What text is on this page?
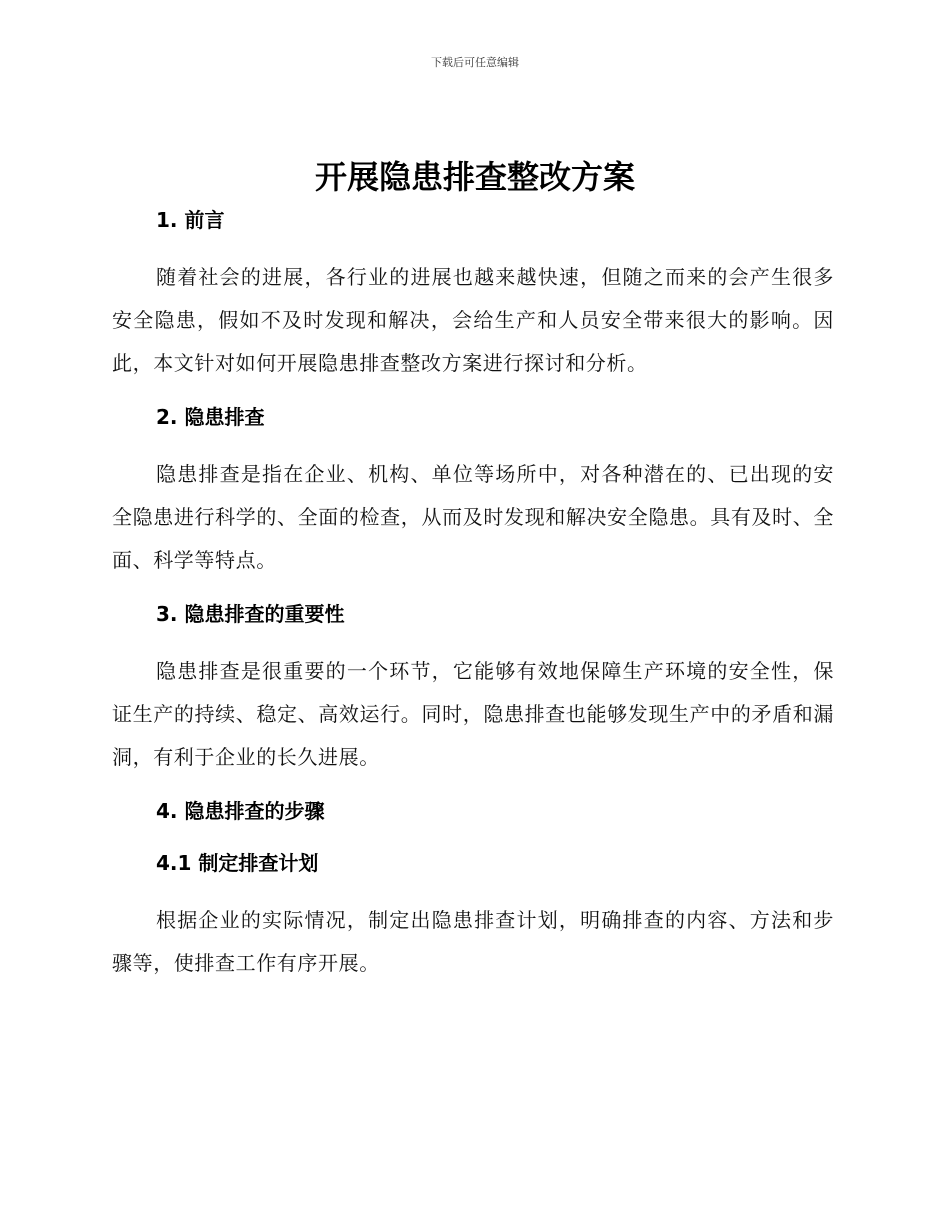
下载后可任意编辑
开展隐患排查整改方案
1. 前言

随着社会的进展，各行业的进展也越来越快速，但随之而来的会产生很多安全隐患，假如不及时发现和解决，会给生产和人员安全带来很大的影响。因此，本文针对如何开展隐患排查整改方案进行探讨和分析。

2. 隐患排查

隐患排查是指在企业、机构、单位等场所中，对各种潜在的、已出现的安全隐患进行科学的、全面的检查，从而及时发现和解决安全隐患。具有及时、全面、科学等特点。

3. 隐患排查的重要性

隐患排查是很重要的一个环节，它能够有效地保障生产环境的安全性，保证生产的持续、稳定、高效运行。同时，隐患排查也能够发现生产中的矛盾和漏洞，有利于企业的长久进展。

4. 隐患排查的步骤
4.1 制定排查计划

根据企业的实际情况，制定出隐患排查计划，明确排查的内容、方法和步骤等，使排查工作有序开展。
